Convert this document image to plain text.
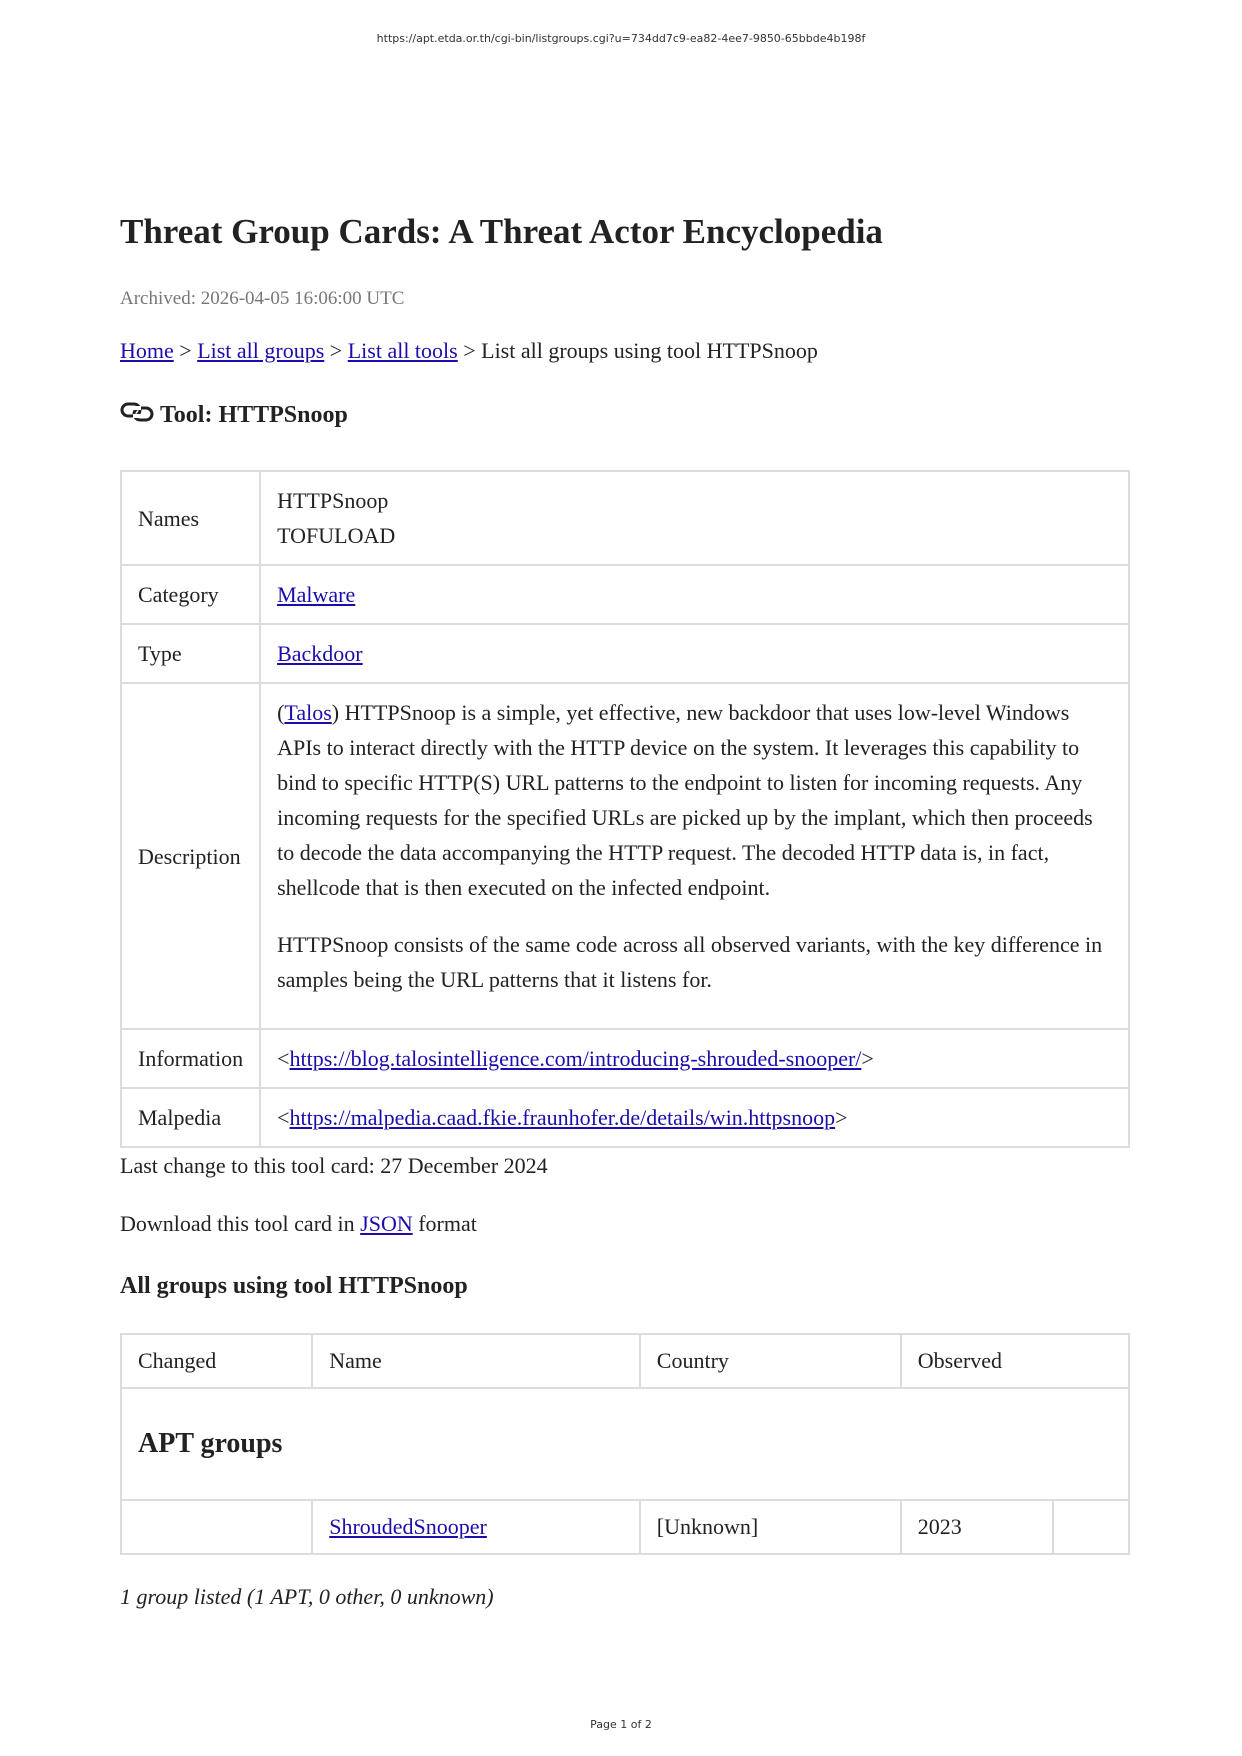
https://apt.etda.or.th/cgi-bin/listgroups.cgi?u=734dd7c9-ea82-4ee7-9850-65bbde4b198f
Threat Group Cards: A Threat Actor Encyclopedia
Archived: 2026-04-05 16:06:00 UTC
Home > List all groups > List all tools > List all groups using tool HTTPSnoop
Tool: HTTPSnoop
Names	HTTPSnoop
TOFULOAD

Category	Malware
Type	Backdoor
Description	(Talos) HTTPSnoop is a simple, yet effective, new backdoor that uses low-level Windows APIs to interact directly with the HTTP device on the system. It leverages this capability to bind to specific HTTP(S) URL patterns to the endpoint to listen for incoming requests. Any incoming requests for the specified URLs are picked up by the implant, which then proceeds to decode the data accompanying the HTTP request. The decoded HTTP data is, in fact, shellcode that is then executed on the infected endpoint.

HTTPSnoop consists of the same code across all observed variants, with the key difference in samples being the URL patterns that it listens for.

Information	<https://blog.talosintelligence.com/introducing-shrouded-snooper/>
Malpedia	<https://malpedia.caad.fkie.fraunhofer.de/details/win.httpsnoop>
Last change to this tool card: 27 December 2024
Download this tool card in JSON format
All groups using tool HTTPSnoop
Changed	Name	Country	Observed	
APT groups				
	ShroudedSnooper	[Unknown]	2023	
1 group listed (1 APT, 0 other, 0 unknown)
Page 1 of 2
